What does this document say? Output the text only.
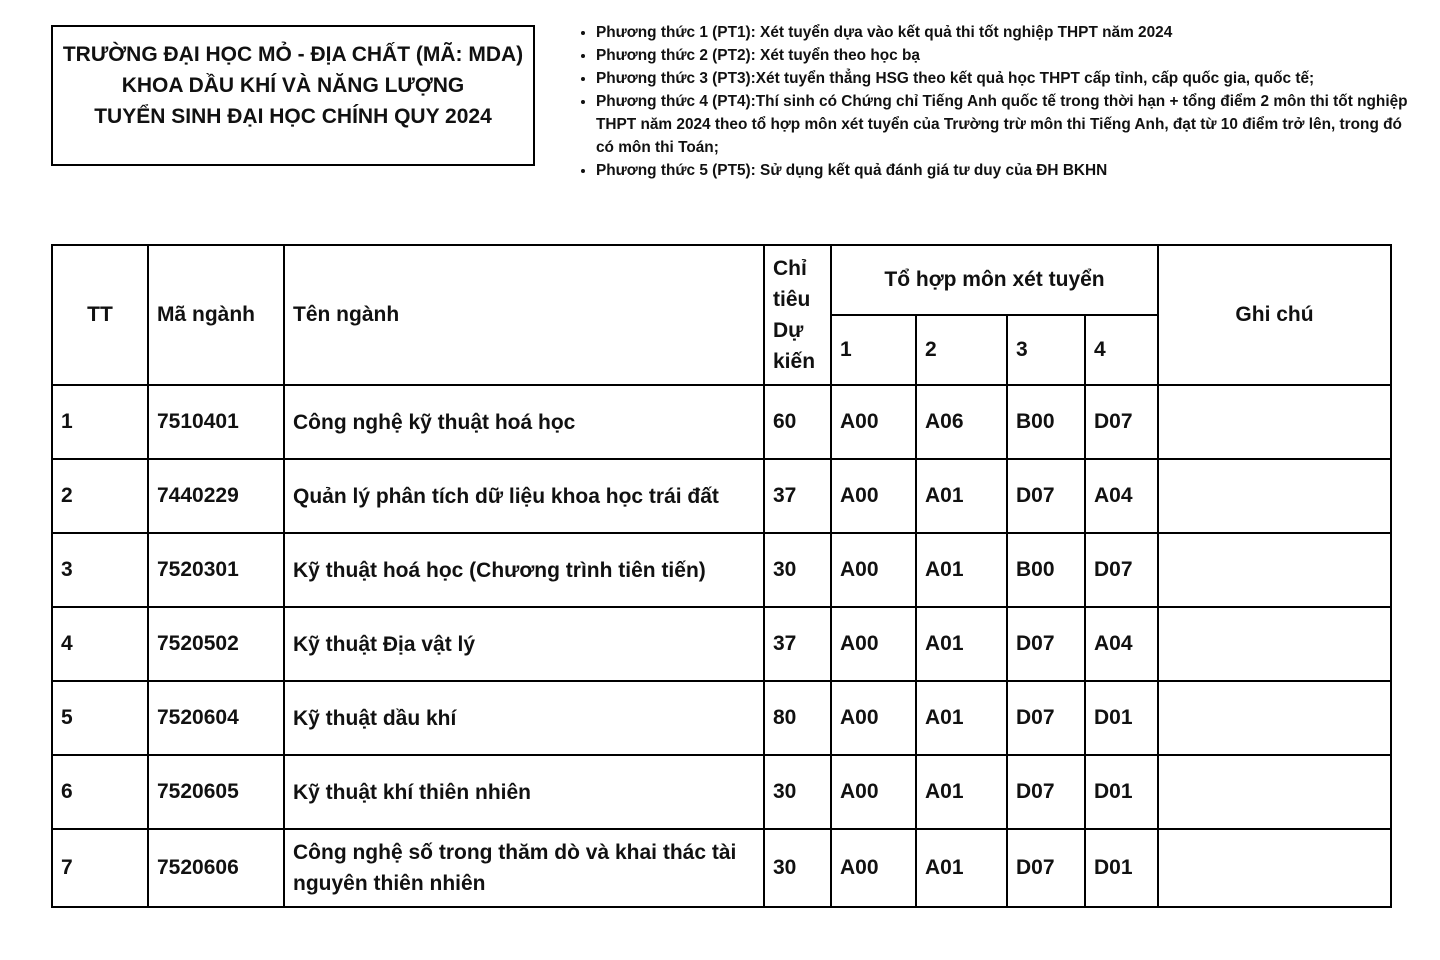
TRƯỜNG ĐẠI HỌC MỎ - ĐỊA CHẤT (MÃ: MDA)
KHOA DẦU KHÍ VÀ NĂNG LƯỢNG
TUYỂN SINH ĐẠI HỌC CHÍNH QUY 2024
• Phương thức 1 (PT1): Xét tuyển dựa vào kết quả thi tốt nghiệp THPT năm 2024
• Phương thức 2 (PT2): Xét tuyển theo học bạ
• Phương thức 3 (PT3):Xét tuyển thẳng HSG theo kết quả học THPT cấp tỉnh, cấp quốc gia, quốc tế;
• Phương thức 4 (PT4):Thí sinh có Chứng chỉ Tiếng Anh quốc tế trong thời hạn + tổng điểm 2 môn thi tốt nghiệp THPT năm 2024 theo tổ hợp môn xét tuyển của Trường trừ môn thi Tiếng Anh, đạt từ 10 điểm trở lên, trong đó có môn thi Toán;
• Phương thức 5 (PT5): Sử dụng kết quả đánh giá tư duy của ĐH BKHN
TT	Mã ngành	Tên ngành	Chỉ
tiêu
Dự
kiến	Tổ hợp môn xét tuyển				Ghi chú
				1	2	3	4	
1	7510401	Công nghệ kỹ thuật hoá học	60	A00	A06	B00	D07	
2	7440229	Quản lý phân tích dữ liệu khoa học trái đất	37	A00	A01	D07	A04	
3	7520301	Kỹ thuật hoá học (Chương trình tiên tiến)	30	A00	A01	B00	D07	
4	7520502	Kỹ thuật Địa vật lý	37	A00	A01	D07	A04	
5	7520604	Kỹ thuật dầu khí	80	A00	A01	D07	D01	
6	7520605	Kỹ thuật khí thiên nhiên	30	A00	A01	D07	D01	
7	7520606	Công nghệ số trong thăm dò và khai thác tài nguyên thiên nhiên	30	A00	A01	D07	D01	
